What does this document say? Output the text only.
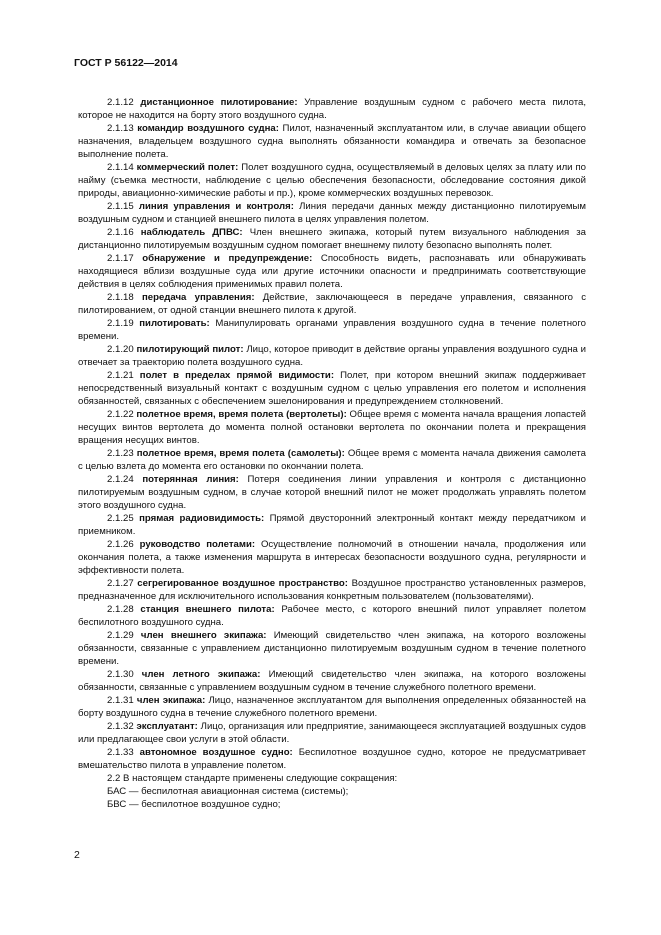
ГОСТ Р 56122—2014

2.1.12 дистанционное пилотирование: Управление воздушным судном с рабочего места пилота, которое не находится на борту этого воздушного судна.

2.1.13 командир воздушного судна: Пилот, назначенный эксплуатантом или, в случае авиации общего назначения, владельцем воздушного судна выполнять обязанности командира и отвечать за безопасное выполнение полета.

2.1.14 коммерческий полет: Полет воздушного судна, осуществляемый в деловых целях за плату или по найму (съемка местности, наблюдение с целью обеспечения безопасности, обследование состояния дикой природы, авиационно-химические работы и пр.), кроме коммерческих воздушных перевозок.

2.1.15 линия управления и контроля: Линия передачи данных между дистанционно пилотируемым воздушным судном и станцией внешнего пилота в целях управления полетом.

2.1.16 наблюдатель ДПВС: Член внешнего экипажа, который путем визуального наблюдения за дистанционно пилотируемым воздушным судном помогает внешнему пилоту безопасно выполнять полет.

2.1.17 обнаружение и предупреждение: Способность видеть, распознавать или обнаруживать находящиеся вблизи воздушные суда или другие источники опасности и предпринимать соответствующие действия в целях соблюдения применимых правил полета.

2.1.18 передача управления: Действие, заключающееся в передаче управления, связанного с пилотированием, от одной станции внешнего пилота к другой.

2.1.19 пилотировать: Манипулировать органами управления воздушного судна в течение полетного времени.

2.1.20 пилотирующий пилот: Лицо, которое приводит в действие органы управления воздушного судна и отвечает за траекторию полета воздушного судна.

2.1.21 полет в пределах прямой видимости: Полет, при котором внешний экипаж поддерживает непосредственный визуальный контакт с воздушным судном с целью управления его полетом и исполнения обязанностей, связанных с обеспечением эшелонирования и предупреждением столкновений.

2.1.22 полетное время, время полета (вертолеты): Общее время с момента начала вращения лопастей несущих винтов вертолета до момента полной остановки вертолета по окончании полета и прекращения вращения несущих винтов.

2.1.23 полетное время, время полета (самолеты): Общее время с момента начала движения самолета с целью взлета до момента его остановки по окончании полета.

2.1.24 потерянная линия: Потеря соединения линии управления и контроля с дистанционно пилотируемым воздушным судном, в случае которой внешний пилот не может продолжать управлять полетом этого воздушного судна.

2.1.25 прямая радиовидимость: Прямой двусторонний электронный контакт между передатчиком и приемником.

2.1.26 руководство полетами: Осуществление полномочий в отношении начала, продолжения или окончания полета, а также изменения маршрута в интересах безопасности воздушного судна, регулярности и эффективности полета.

2.1.27 сегрегированное воздушное пространство: Воздушное пространство установленных размеров, предназначенное для исключительного использования конкретным пользователем (пользователями).

2.1.28 станция внешнего пилота: Рабочее место, с которого внешний пилот управляет полетом беспилотного воздушного судна.

2.1.29 член внешнего экипажа: Имеющий свидетельство член экипажа, на которого возложены обязанности, связанные с управлением дистанционно пилотируемым воздушным судном в течение полетного времени.

2.1.30 член летного экипажа: Имеющий свидетельство член экипажа, на которого возложены обязанности, связанные с управлением воздушным судном в течение служебного полетного времени.

2.1.31 член экипажа: Лицо, назначенное эксплуатантом для выполнения определенных обязанностей на борту воздушного судна в течение служебного полетного времени.

2.1.32 эксплуатант: Лицо, организация или предприятие, занимающееся эксплуатацией воздушных судов или предлагающее свои услуги в этой области.

2.1.33 автономное воздушное судно: Беспилотное воздушное судно, которое не предусматривает вмешательство пилота в управление полетом.

2.2 В настоящем стандарте применены следующие сокращения:

БАС — беспилотная авиационная система (системы);

БВС — беспилотное воздушное судно;

2
